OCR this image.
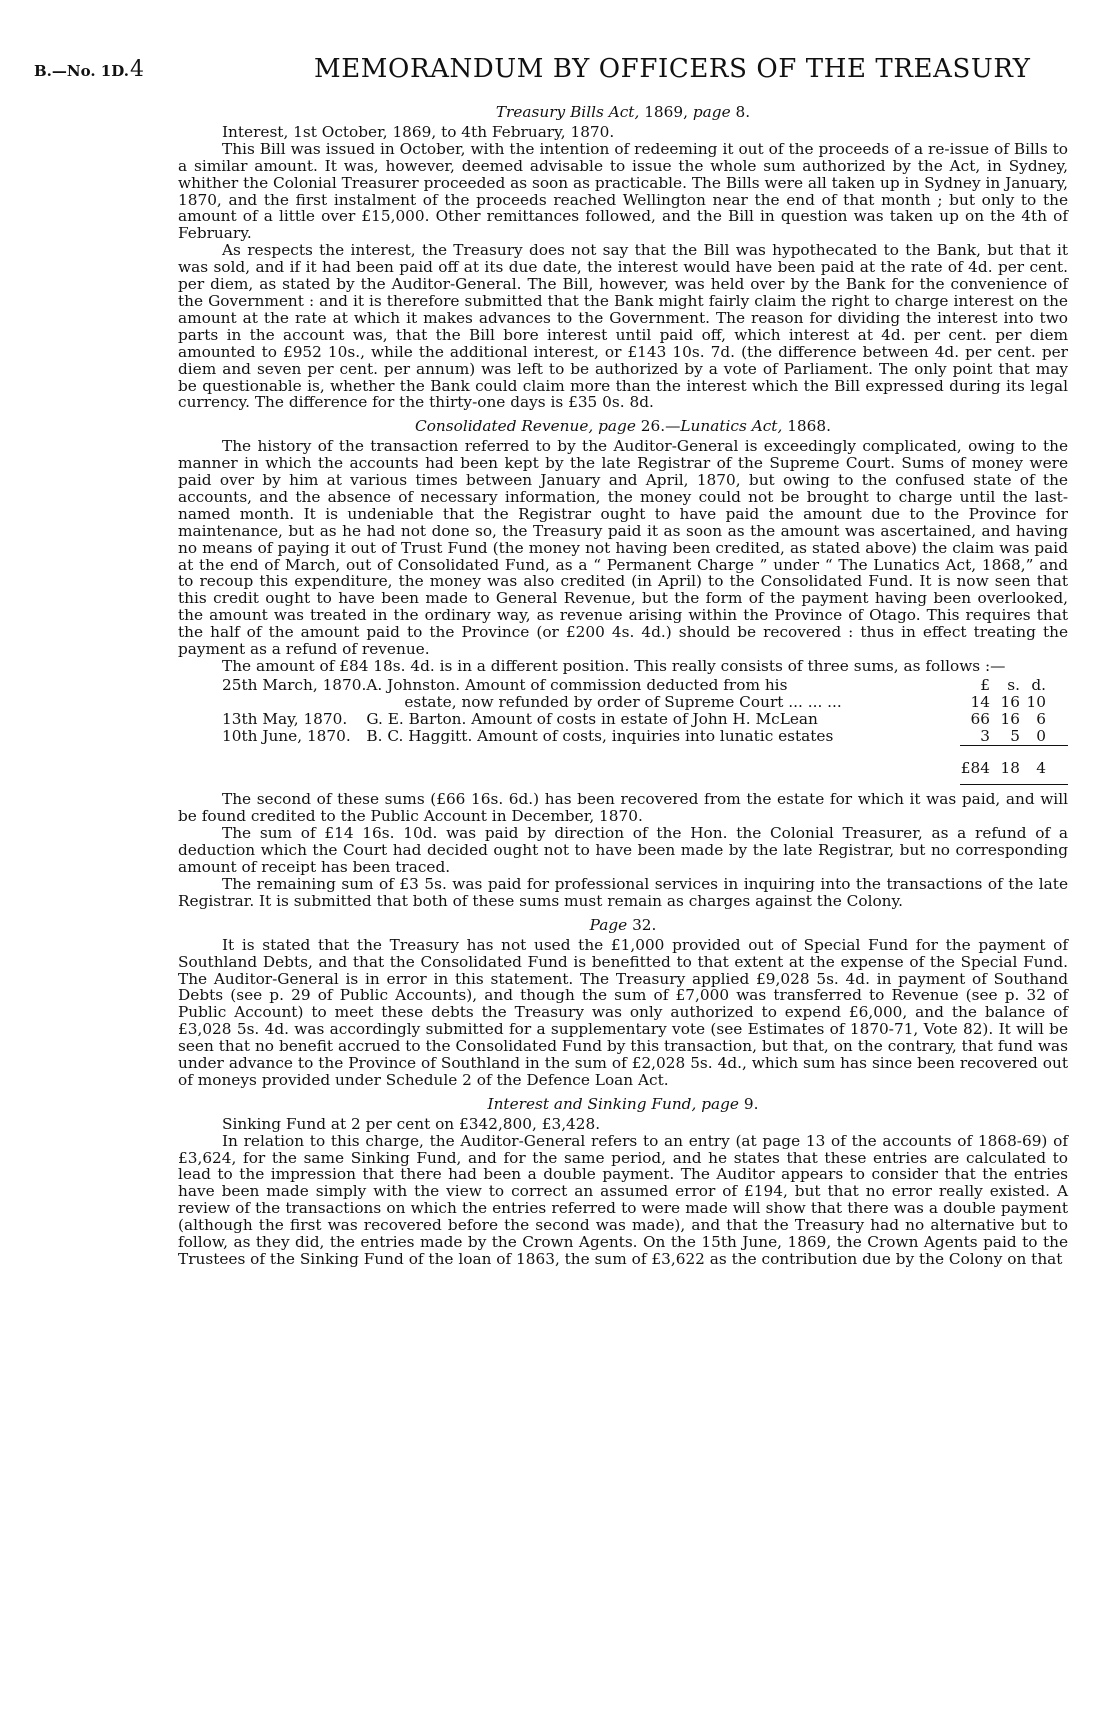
B.—No. 1D. 4	MEMORANDUM BY OFFICERS OF THE TREASURY

Treasury Bills Act, 1869, page 8.

Interest, 1st October, 1869, to 4th February, 1870.

This Bill was issued in October, with the intention of redeeming it out of the proceeds of a re-issue of Bills to a similar amount. It was, however, deemed advisable to issue the whole sum authorized by the Act, in Sydney, whither the Colonial Treasurer proceeded as soon as practicable. The Bills were all taken up in Sydney in January, 1870, and the first instalment of the proceeds reached Wellington near the end of that month ; but only to the amount of a little over £15,000. Other remittances followed, and the Bill in question was taken up on the 4th of February.

As respects the interest, the Treasury does not say that the Bill was hypothecated to the Bank, but that it was sold, and if it had been paid off at its due date, the interest would have been paid at the rate of 4d. per cent. per diem, as stated by the Auditor-General. The Bill, however, was held over by the Bank for the convenience of the Government : and it is therefore submitted that the Bank might fairly claim the right to charge interest on the amount at the rate at which it makes advances to the Government. The reason for dividing the interest into two parts in the account was, that the Bill bore interest until paid off, which interest at 4d. per cent. per diem amounted to £952 10s., while the additional interest, or £143 10s. 7d. (the difference between 4d. per cent. per diem and seven per cent. per annum) was left to be authorized by a vote of Parliament. The only point that may be questionable is, whether the Bank could claim more than the interest which the Bill expressed during its legal currency. The difference for the thirty-one days is £35 0s. 8d.

Consolidated Revenue, page 26.—Lunatics Act, 1868.

The history of the transaction referred to by the Auditor-General is exceedingly complicated, owing to the manner in which the accounts had been kept by the late Registrar of the Supreme Court. Sums of money were paid over by him at various times between January and April, 1870, but owing to the confused state of the accounts, and the absence of necessary information, the money could not be brought to charge until the last-named month. It is undeniable that the Registrar ought to have paid the amount due to the Province for maintenance, but as he had not done so, the Treasury paid it as soon as the amount was ascertained, and having no means of paying it out of Trust Fund (the money not having been credited, as stated above) the claim was paid at the end of March, out of Consolidated Fund, as a “ Permanent Charge ” under “ The Lunatics Act, 1868,” and to recoup this expenditure, the money was also credited (in April) to the Consolidated Fund. It is now seen that this credit ought to have been made to General Revenue, but the form of the payment having been overlooked, the amount was treated in the ordinary way, as revenue arising within the Province of Otago. This requires that the half of the amount paid to the Province (or £200 4s. 4d.) should be recovered : thus in effect treating the payment as a refund of revenue.

The amount of £84 18s. 4d. is in a different position. This really consists of three sums, as follows :—

25th March, 1870.	A. Johnston. Amount of commission deducted from his	£ s. d.
	estate, now refunded by order of Supreme Court ... ... ...	14 16 10
13th May, 1870.	G. E. Barton. Amount of costs in estate of John H. McLean	66 16 6
10th June, 1870.	B. C. Haggitt. Amount of costs, inquiries into lunatic estates	3 5 0
		£84 18 4

The second of these sums (£66 16s. 6d.) has been recovered from the estate for which it was paid, and will be found credited to the Public Account in December, 1870.

The sum of £14 16s. 10d. was paid by direction of the Hon. the Colonial Treasurer, as a refund of a deduction which the Court had decided ought not to have been made by the late Registrar, but no corresponding amount of receipt has been traced.

The remaining sum of £3 5s. was paid for professional services in inquiring into the transactions of the late Registrar. It is submitted that both of these sums must remain as charges against the Colony.

Page 32.

It is stated that the Treasury has not used the £1,000 provided out of Special Fund for the payment of Southland Debts, and that the Consolidated Fund is benefitted to that extent at the expense of the Special Fund. The Auditor-General is in error in this statement. The Treasury applied £9,028 5s. 4d. in payment of Southand Debts (see p. 29 of Public Accounts), and though the sum of £7,000 was transferred to Revenue (see p. 32 of Public Account) to meet these debts the Treasury was only authorized to expend £6,000, and the balance of £3,028 5s. 4d. was accordingly submitted for a supplementary vote (see Estimates of 1870-71, Vote 82). It will be seen that no benefit accrued to the Consolidated Fund by this transaction, but that, on the contrary, that fund was under advance to the Province of Southland in the sum of £2,028 5s. 4d., which sum has since been recovered out of moneys provided under Schedule 2 of the Defence Loan Act.

Interest and Sinking Fund, page 9.

Sinking Fund at 2 per cent on £342,800, £3,428.

In relation to this charge, the Auditor-General refers to an entry (at page 13 of the accounts of 1868-69) of £3,624, for the same Sinking Fund, and for the same period, and he states that these entries are calculated to lead to the impression that there had been a double payment. The Auditor appears to consider that the entries have been made simply with the view to correct an assumed error of £194, but that no error really existed. A review of the transactions on which the entries referred to were made will show that there was a double payment (although the first was recovered before the second was made), and that the Treasury had no alternative but to follow, as they did, the entries made by the Crown Agents. On the 15th June, 1869, the Crown Agents paid to the Trustees of the Sinking Fund of the loan of 1863, the sum of £3,622 as the contribution due by the Colony on that
